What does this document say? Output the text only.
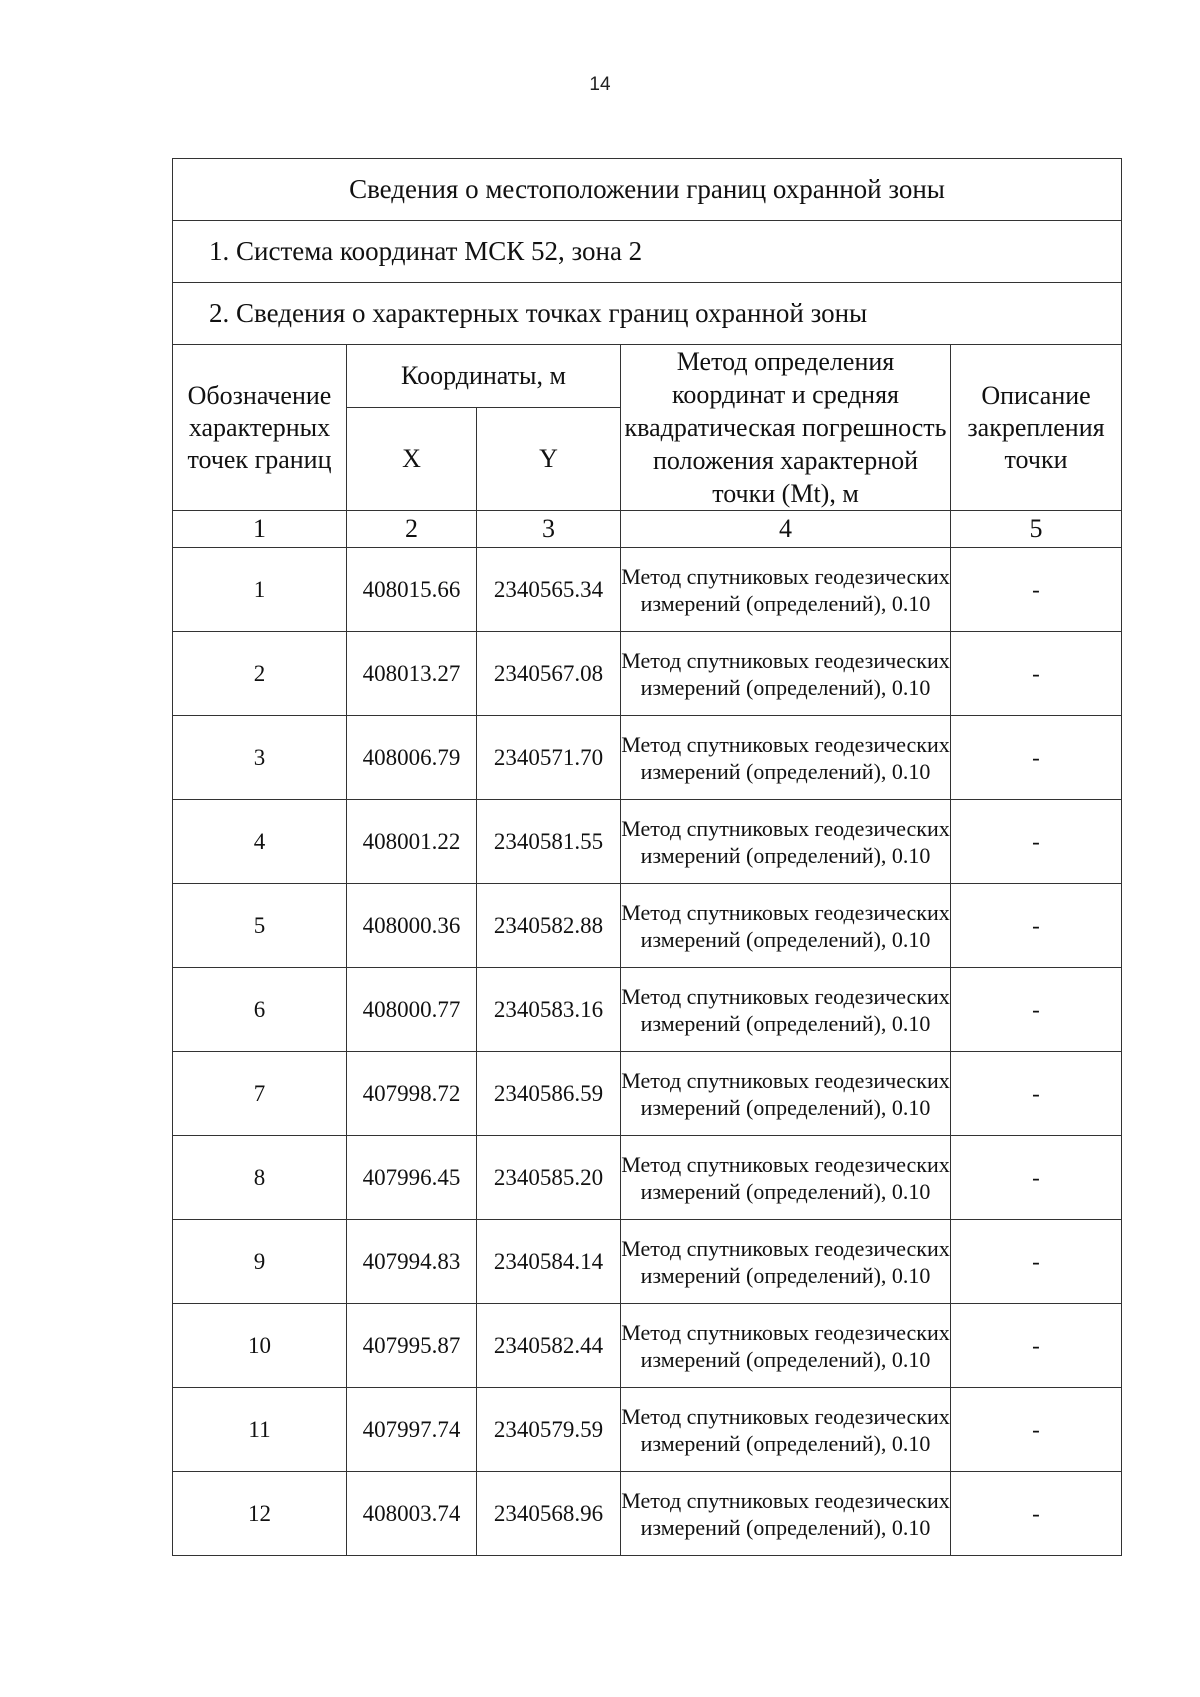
14
Сведения о местоположении границ охранной зоны				
1. Система координат МСК 52, зона 2				
2. Сведения о характерных точках границ охранной зоны				
Обозначение характерных точек границ	Координаты, м		Метод определения координат и средняя квадратическая погрешность положения характерной точки (Mt), м	Описание закрепления точки
	X	Y		
1	2	3	4	5
1	408015.66	2340565.34	Метод спутниковых геодезических измерений (определений), 0.10	-
2	408013.27	2340567.08	Метод спутниковых геодезических измерений (определений), 0.10	-
3	408006.79	2340571.70	Метод спутниковых геодезических измерений (определений), 0.10	-
4	408001.22	2340581.55	Метод спутниковых геодезических измерений (определений), 0.10	-
5	408000.36	2340582.88	Метод спутниковых геодезических измерений (определений), 0.10	-
6	408000.77	2340583.16	Метод спутниковых геодезических измерений (определений), 0.10	-
7	407998.72	2340586.59	Метод спутниковых геодезических измерений (определений), 0.10	-
8	407996.45	2340585.20	Метод спутниковых геодезических измерений (определений), 0.10	-
9	407994.83	2340584.14	Метод спутниковых геодезических измерений (определений), 0.10	-
10	407995.87	2340582.44	Метод спутниковых геодезических измерений (определений), 0.10	-
11	407997.74	2340579.59	Метод спутниковых геодезических измерений (определений), 0.10	-
12	408003.74	2340568.96	Метод спутниковых геодезических измерений (определений), 0.10	-
